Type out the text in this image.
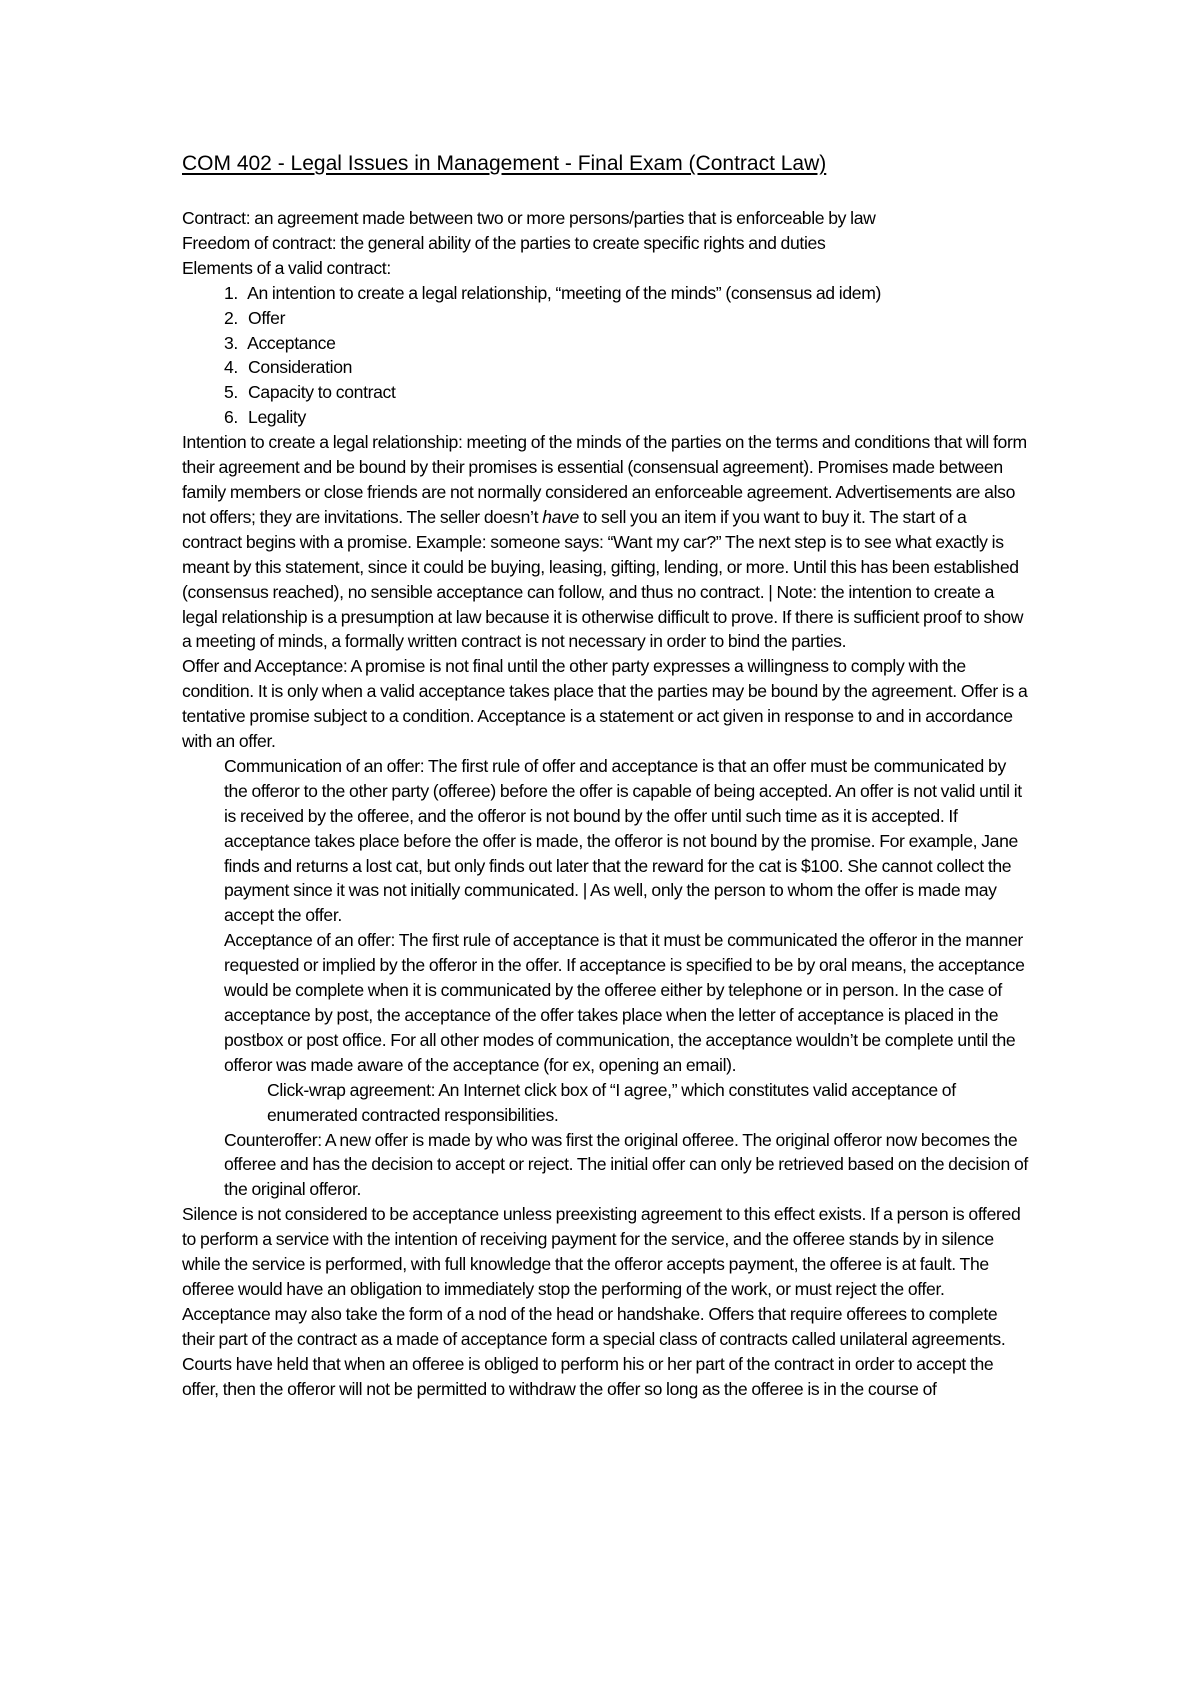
COM 402 - Legal Issues in Management - Final Exam (Contract Law)

Contract: an agreement made between two or more persons/parties that is enforceable by law

Freedom of contract: the general ability of the parties to create specific rights and duties

Elements of a valid contract:

1. An intention to create a legal relationship, “meeting of the minds” (consensus ad idem)
2. Offer
3. Acceptance
4. Consideration
5. Capacity to contract
6. Legality

Intention to create a legal relationship: meeting of the minds of the parties on the terms and conditions that will form their agreement and be bound by their promises is essential (consensual agreement). Promises made between family members or close friends are not normally considered an enforceable agreement. Advertisements are also not offers; they are invitations. The seller doesn’t have to sell you an item if you want to buy it. The start of a contract begins with a promise. Example: someone says: “Want my car?” The next step is to see what exactly is meant by this statement, since it could be buying, leasing, gifting, lending, or more. Until this has been established (consensus reached), no sensible acceptance can follow, and thus no contract. | Note: the intention to create a legal relationship is a presumption at law because it is otherwise difficult to prove. If there is sufficient proof to show a meeting of minds, a formally written contract is not necessary in order to bind the parties.

Offer and Acceptance: A promise is not final until the other party expresses a willingness to comply with the condition. It is only when a valid acceptance takes place that the parties may be bound by the agreement. Offer is a tentative promise subject to a condition. Acceptance is a statement or act given in response to and in accordance with an offer.

Communication of an offer: The first rule of offer and acceptance is that an offer must be communicated by the offeror to the other party (offeree) before the offer is capable of being accepted. An offer is not valid until it is received by the offeree, and the offeror is not bound by the offer until such time as it is accepted. If acceptance takes place before the offer is made, the offeror is not bound by the promise. For example, Jane finds and returns a lost cat, but only finds out later that the reward for the cat is $100. She cannot collect the payment since it was not initially communicated. | As well, only the person to whom the offer is made may accept the offer.

Acceptance of an offer: The first rule of acceptance is that it must be communicated the offeror in the manner requested or implied by the offeror in the offer. If acceptance is specified to be by oral means, the acceptance would be complete when it is communicated by the offeree either by telephone or in person. In the case of acceptance by post, the acceptance of the offer takes place when the letter of acceptance is placed in the postbox or post office. For all other modes of communication, the acceptance wouldn’t be complete until the offeror was made aware of the acceptance (for ex, opening an email).

Click-wrap agreement: An Internet click box of “I agree,” which constitutes valid acceptance of enumerated contracted responsibilities.

Counteroffer: A new offer is made by who was first the original offeree. The original offeror now becomes the offeree and has the decision to accept or reject. The initial offer can only be retrieved based on the decision of the original offeror.

Silence is not considered to be acceptance unless preexisting agreement to this effect exists. If a person is offered to perform a service with the intention of receiving payment for the service, and the offeree stands by in silence while the service is performed, with full knowledge that the offeror accepts payment, the offeree is at fault. The offeree would have an obligation to immediately stop the performing of the work, or must reject the offer. Acceptance may also take the form of a nod of the head or handshake. Offers that require offerees to complete their part of the contract as a made of acceptance form a special class of contracts called unilateral agreements. Courts have held that when an offeree is obliged to perform his or her part of the contract in order to accept the offer, then the offeror will not be permitted to withdraw the offer so long as the offeree is in the course of
